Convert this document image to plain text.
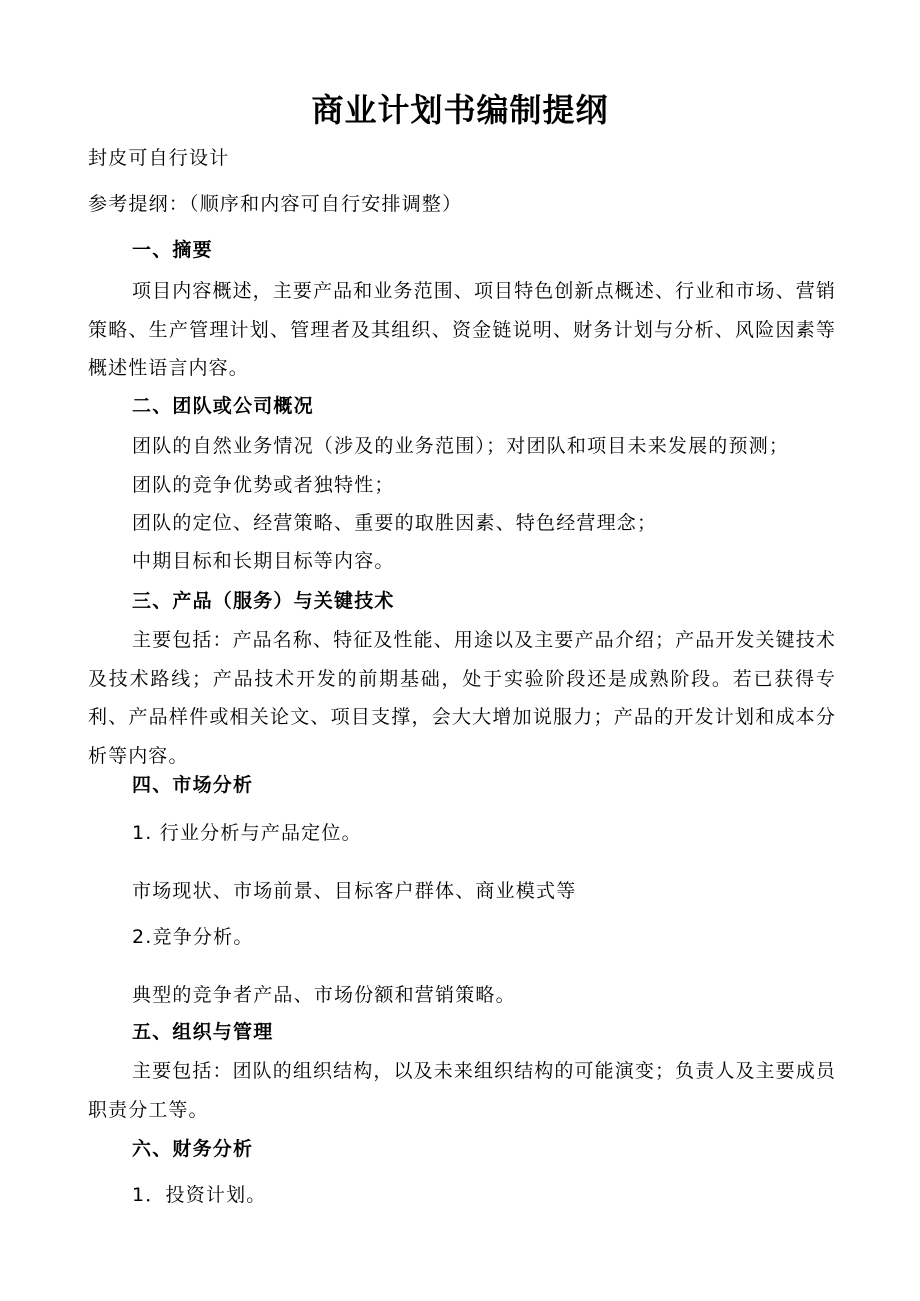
商业计划书编制提纲
封皮可自行设计
参考提纲：（顺序和内容可自行安排调整）
一、摘要
项目内容概述，主要产品和业务范围、项目特色创新点概述、行业和市场、营销策略、生产管理计划、管理者及其组织、资金链说明、财务计划与分析、风险因素等概述性语言内容。
二、团队或公司概况
团队的自然业务情况（涉及的业务范围）；对团队和项目未来发展的预测；
团队的竞争优势或者独特性；
团队的定位、经营策略、重要的取胜因素、特色经营理念；
中期目标和长期目标等内容。
三、产品（服务）与关键技术
主要包括：产品名称、特征及性能、用途以及主要产品介绍；产品开发关键技术及技术路线；产品技术开发的前期基础，处于实验阶段还是成熟阶段。若已获得专利、产品样件或相关论文、项目支撑，会大大增加说服力；产品的开发计划和成本分析等内容。
四、市场分析
1. 行业分析与产品定位。
市场现状、市场前景、目标客户群体、商业模式等
2.竞争分析。
典型的竞争者产品、市场份额和营销策略。
五、组织与管理
主要包括：团队的组织结构，以及未来组织结构的可能演变；负责人及主要成员职责分工等。
六、财务分析
1．投资计划。
